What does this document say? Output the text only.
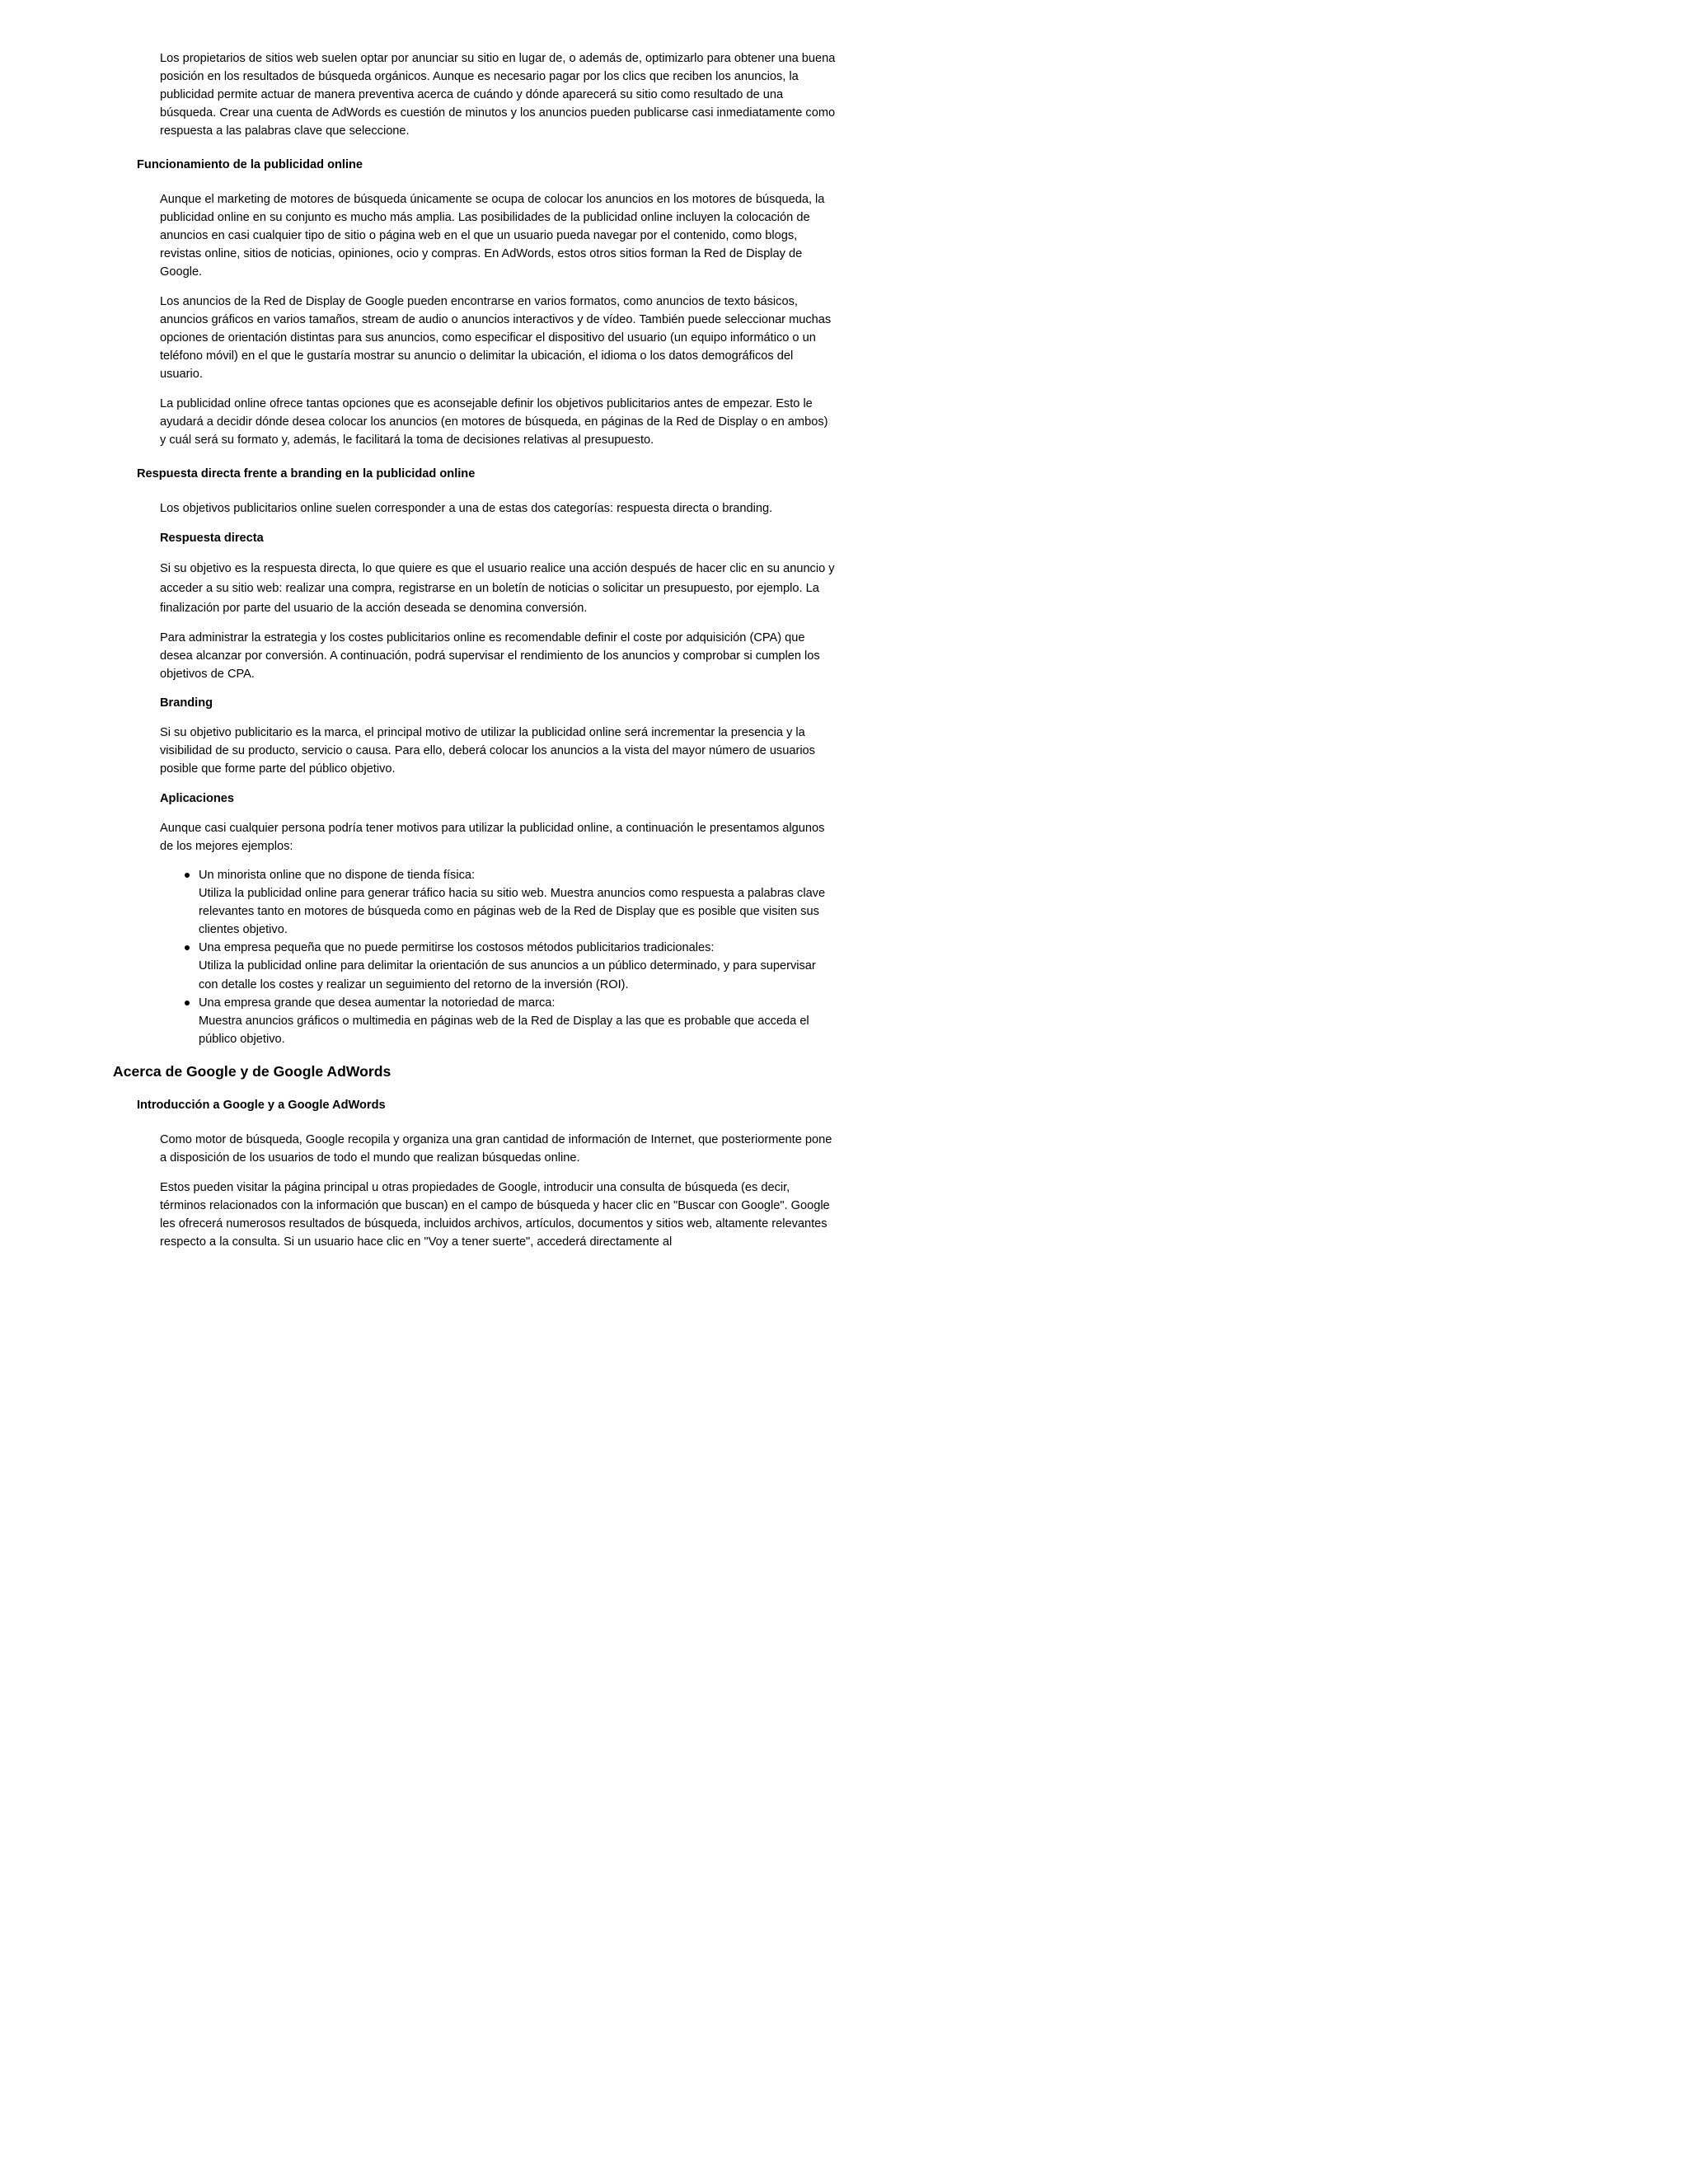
Los propietarios de sitios web suelen optar por anunciar su sitio en lugar de, o además de, optimizarlo para obtener una buena posición en los resultados de búsqueda orgánicos. Aunque es necesario pagar por los clics que reciben los anuncios, la publicidad permite actuar de manera preventiva acerca de cuándo y dónde aparecerá su sitio como resultado de una búsqueda. Crear una cuenta de AdWords es cuestión de minutos y los anuncios pueden publicarse casi inmediatamente como respuesta a las palabras clave que seleccione.

Funcionamiento de la publicidad online

Aunque el marketing de motores de búsqueda únicamente se ocupa de colocar los anuncios en los motores de búsqueda, la publicidad online en su conjunto es mucho más amplia. Las posibilidades de la publicidad online incluyen la colocación de anuncios en casi cualquier tipo de sitio o página web en el que un usuario pueda navegar por el contenido, como blogs, revistas online, sitios de noticias, opiniones, ocio y compras. En AdWords, estos otros sitios forman la Red de Display de Google.

Los anuncios de la Red de Display de Google pueden encontrarse en varios formatos, como anuncios de texto básicos, anuncios gráficos en varios tamaños, stream de audio o anuncios interactivos y de vídeo. También puede seleccionar muchas opciones de orientación distintas para sus anuncios, como especificar el dispositivo del usuario (un equipo informático o un teléfono móvil) en el que le gustaría mostrar su anuncio o delimitar la ubicación, el idioma o los datos demográficos del usuario.

La publicidad online ofrece tantas opciones que es aconsejable definir los objetivos publicitarios antes de empezar. Esto le ayudará a decidir dónde desea colocar los anuncios (en motores de búsqueda, en páginas de la Red de Display o en ambos) y cuál será su formato y, además, le facilitará la toma de decisiones relativas al presupuesto.

Respuesta directa frente a branding en la publicidad online

Los objetivos publicitarios online suelen corresponder a una de estas dos categorías: respuesta directa o branding.

Respuesta directa

Si su objetivo es la respuesta directa, lo que quiere es que el usuario realice una acción después de hacer clic en su anuncio y acceder a su sitio web: realizar una compra, registrarse en un boletín de noticias o solicitar un presupuesto, por ejemplo. La finalización por parte del usuario de la acción deseada se denomina conversión.

Para administrar la estrategia y los costes publicitarios online es recomendable definir el coste por adquisición (CPA) que desea alcanzar por conversión. A continuación, podrá supervisar el rendimiento de los anuncios y comprobar si cumplen los objetivos de CPA.

Branding

Si su objetivo publicitario es la marca, el principal motivo de utilizar la publicidad online será incrementar la presencia y la visibilidad de su producto, servicio o causa. Para ello, deberá colocar los anuncios a la vista del mayor número de usuarios posible que forme parte del público objetivo.

Aplicaciones

Aunque casi cualquier persona podría tener motivos para utilizar la publicidad online, a continuación le presentamos algunos de los mejores ejemplos:

Un minorista online que no dispone de tienda física:
Utiliza la publicidad online para generar tráfico hacia su sitio web. Muestra anuncios como respuesta a palabras clave relevantes tanto en motores de búsqueda como en páginas web de la Red de Display que es posible que visiten sus clientes objetivo.
Una empresa pequeña que no puede permitirse los costosos métodos publicitarios tradicionales:
Utiliza la publicidad online para delimitar la orientación de sus anuncios a un público determinado, y para supervisar con detalle los costes y realizar un seguimiento del retorno de la inversión (ROI).
Una empresa grande que desea aumentar la notoriedad de marca:
Muestra anuncios gráficos o multimedia en páginas web de la Red de Display a las que es probable que acceda el público objetivo.
Acerca de Google y de Google AdWords
Introducción a Google y a Google AdWords

Como motor de búsqueda, Google recopila y organiza una gran cantidad de información de Internet, que posteriormente pone a disposición de los usuarios de todo el mundo que realizan búsquedas online.

Estos pueden visitar la página principal u otras propiedades de Google, introducir una consulta de búsqueda (es decir, términos relacionados con la información que buscan) en el campo de búsqueda y hacer clic en "Buscar con Google". Google les ofrecerá numerosos resultados de búsqueda, incluidos archivos, artículos, documentos y sitios web, altamente relevantes respecto a la consulta. Si un usuario hace clic en "Voy a tener suerte", accederá directamente al
